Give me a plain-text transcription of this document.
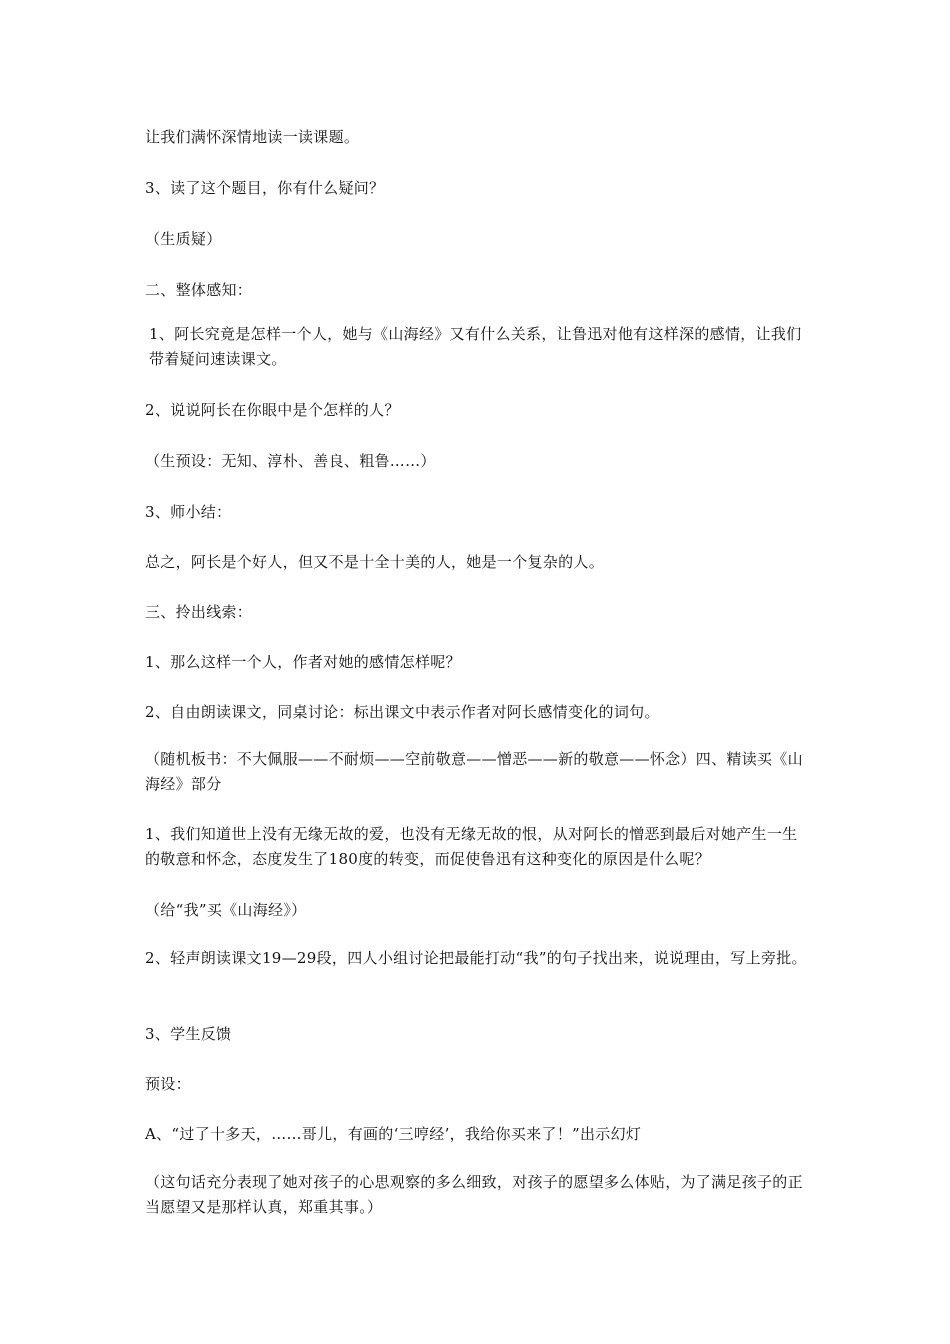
让我们满怀深情地读一读课题。
3、读了这个题目，你有什么疑问？
（生质疑）
二、整体感知：
1、阿长究竟是怎样一个人，她与《山海经》又有什么关系，让鲁迅对他有这样深的感情，让我们带着疑问速读课文。
2、说说阿长在你眼中是个怎样的人？
（生预设：无知、淳朴、善良、粗鲁……）
3、师小结：
总之，阿长是个好人，但又不是十全十美的人，她是一个复杂的人。
三、拎出线索：
1、那么这样一个人，作者对她的感情怎样呢？
2、自由朗读课文，同桌讨论：标出课文中表示作者对阿长感情变化的词句。
（随机板书：不大佩服——不耐烦——空前敬意——憎恶——新的敬意——怀念）四、精读买《山海经》部分
1、我们知道世上没有无缘无故的爱，也没有无缘无故的恨，从对阿长的憎恶到最后对她产生一生的敬意和怀念，态度发生了180度的转变，而促使鲁迅有这种变化的原因是什么呢？
（给“我”买《山海经》）
2、轻声朗读课文19—29段，四人小组讨论把最能打动“我”的句子找出来，说说理由，写上旁批。
3、学生反馈
预设：
A、“过了十多天，……哥儿，有画的‘三哼经’，我给你买来了！”出示幻灯
（这句话充分表现了她对孩子的心思观察的多么细致，对孩子的愿望多么体贴，为了满足孩子的正当愿望又是那样认真，郑重其事。）
